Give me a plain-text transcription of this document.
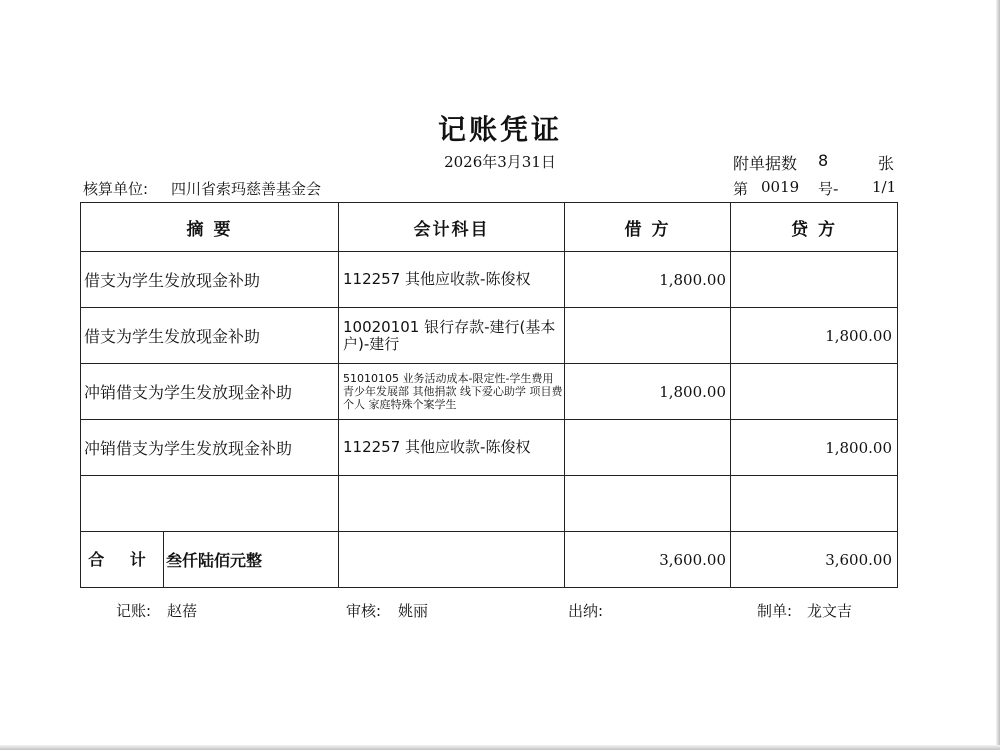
记账凭证
2026年3月31日	附单据数 8	张
核算单位: 四川省索玛慈善基金会	第 0019 号- 1/1
摘 要	会计科目	借 方	贷 方
借支为学生发放现金补助	112257 其他应收款-陈俊权	1,800.00	
借支为学生发放现金补助	10020101 银行存款-建行(基本户)-建行		1,800.00
冲销借支为学生发放现金补助	51010105 业务活动成本-限定性-学生费用 青少年发展部 其他捐款 线下爱心助学 项目费 个人 家庭特殊个案学生	1,800.00	
冲销借支为学生发放现金补助	112257 其他应收款-陈俊权		1,800.00

合 计 叁仟陆佰元整		3,600.00	3,600.00
记账: 赵蓓	审核: 姚丽	出纳:	制单: 龙文吉
